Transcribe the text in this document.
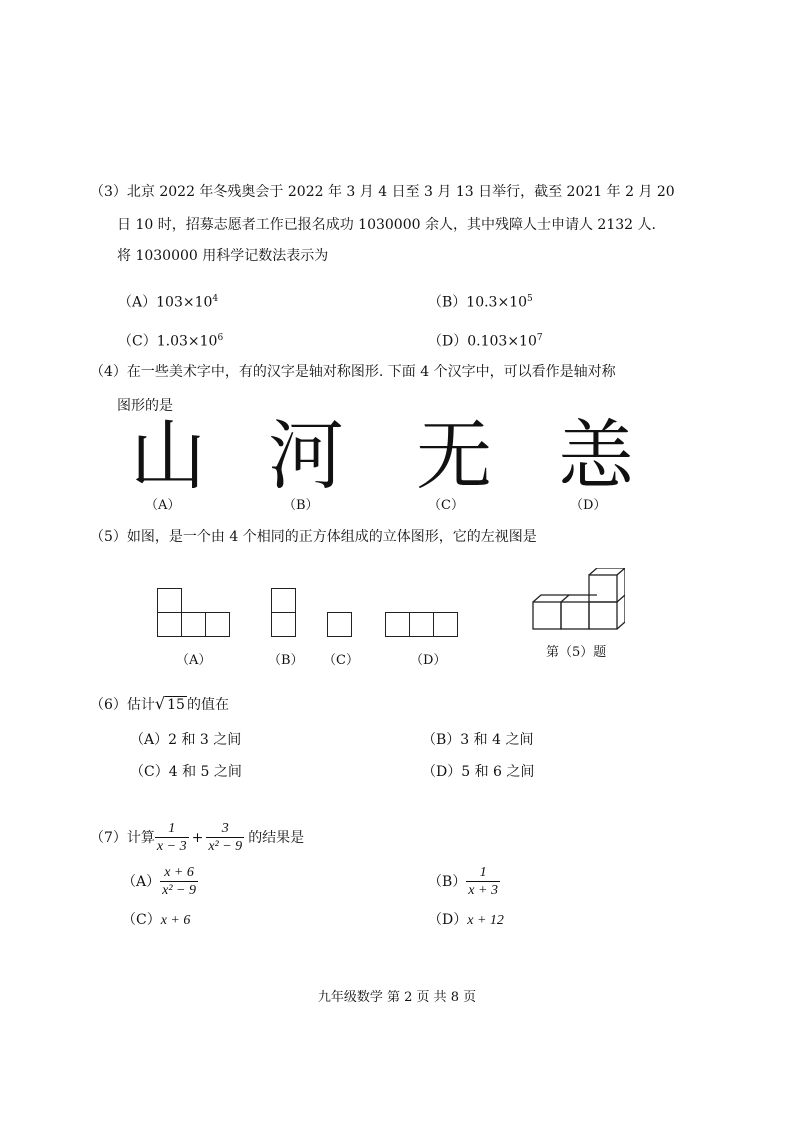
（3）北京 2022 年冬残奥会于 2022 年 3 月 4 日至 3 月 13 日举行，截至 2021 年 2 月 20
日 10 时，招募志愿者工作已报名成功 1030000 余人，其中残障人士申请人 2132 人.
将 1030000 用科学记数法表示为
$(A)103\times 10^4$	$(B)10.3\times 10^5$
$(C)1.03\times 10^6$	$(D)0.103\times 10^7$
（4）在一些美术字中，有的汉字是轴对称图形. 下面 4 个汉字中，可以看作是轴对称
图形的是
山 河 无 恙
（A）	（B）	（C）	（D）
（5）如图，是一个由 4 个相同的正方体组成的立体图形，它的左视图是
（A）	（B） （C）	（D）
第（5）题
（6）估计√ 15 的值在
（A）2 和 3 之间	（B）3 和 4 之间
（C）4 和 5 之间	（D）5 和 6 之间
（7）计算 $\frac{1}{x - 3} + \frac{3}{\text{x² − 9}}$ 的结果是
$(A) \frac{x + 6}{\text{x² − 9}}$	$(B) \frac{1}{x + 3}$
（C）x + 6	（D）x + 12
九年级数学 第 2 页 共 8 页
